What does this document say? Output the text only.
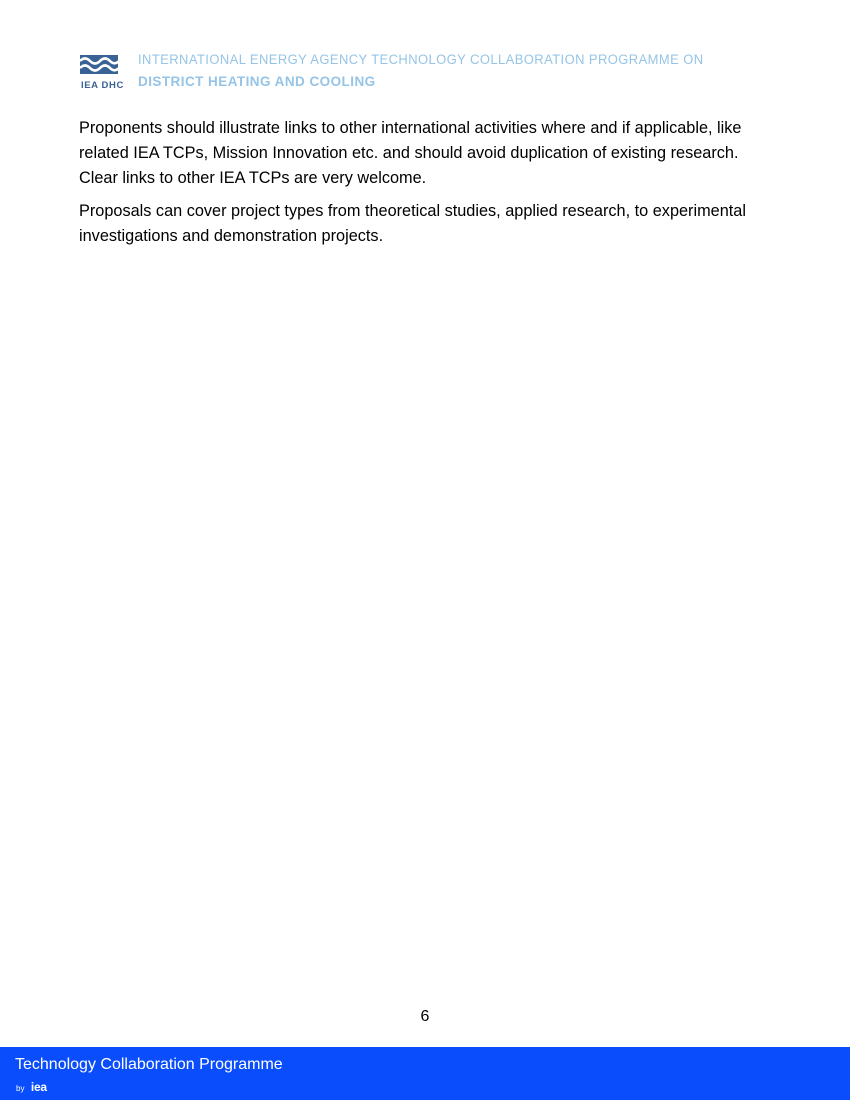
IEA DHC
INTERNATIONAL ENERGY AGENCY TECHNOLOGY COLLABORATION PROGRAMME ON
DISTRICT HEATING AND COOLING

Proponents should illustrate links to other international activities where and if applicable, like related IEA TCPs, Mission Innovation etc. and should avoid duplication of existing research. Clear links to other IEA TCPs are very welcome.

Proposals can cover project types from theoretical studies, applied research, to experimental investigations and demonstration projects.

6
Technology Collaboration Programme
by iea
